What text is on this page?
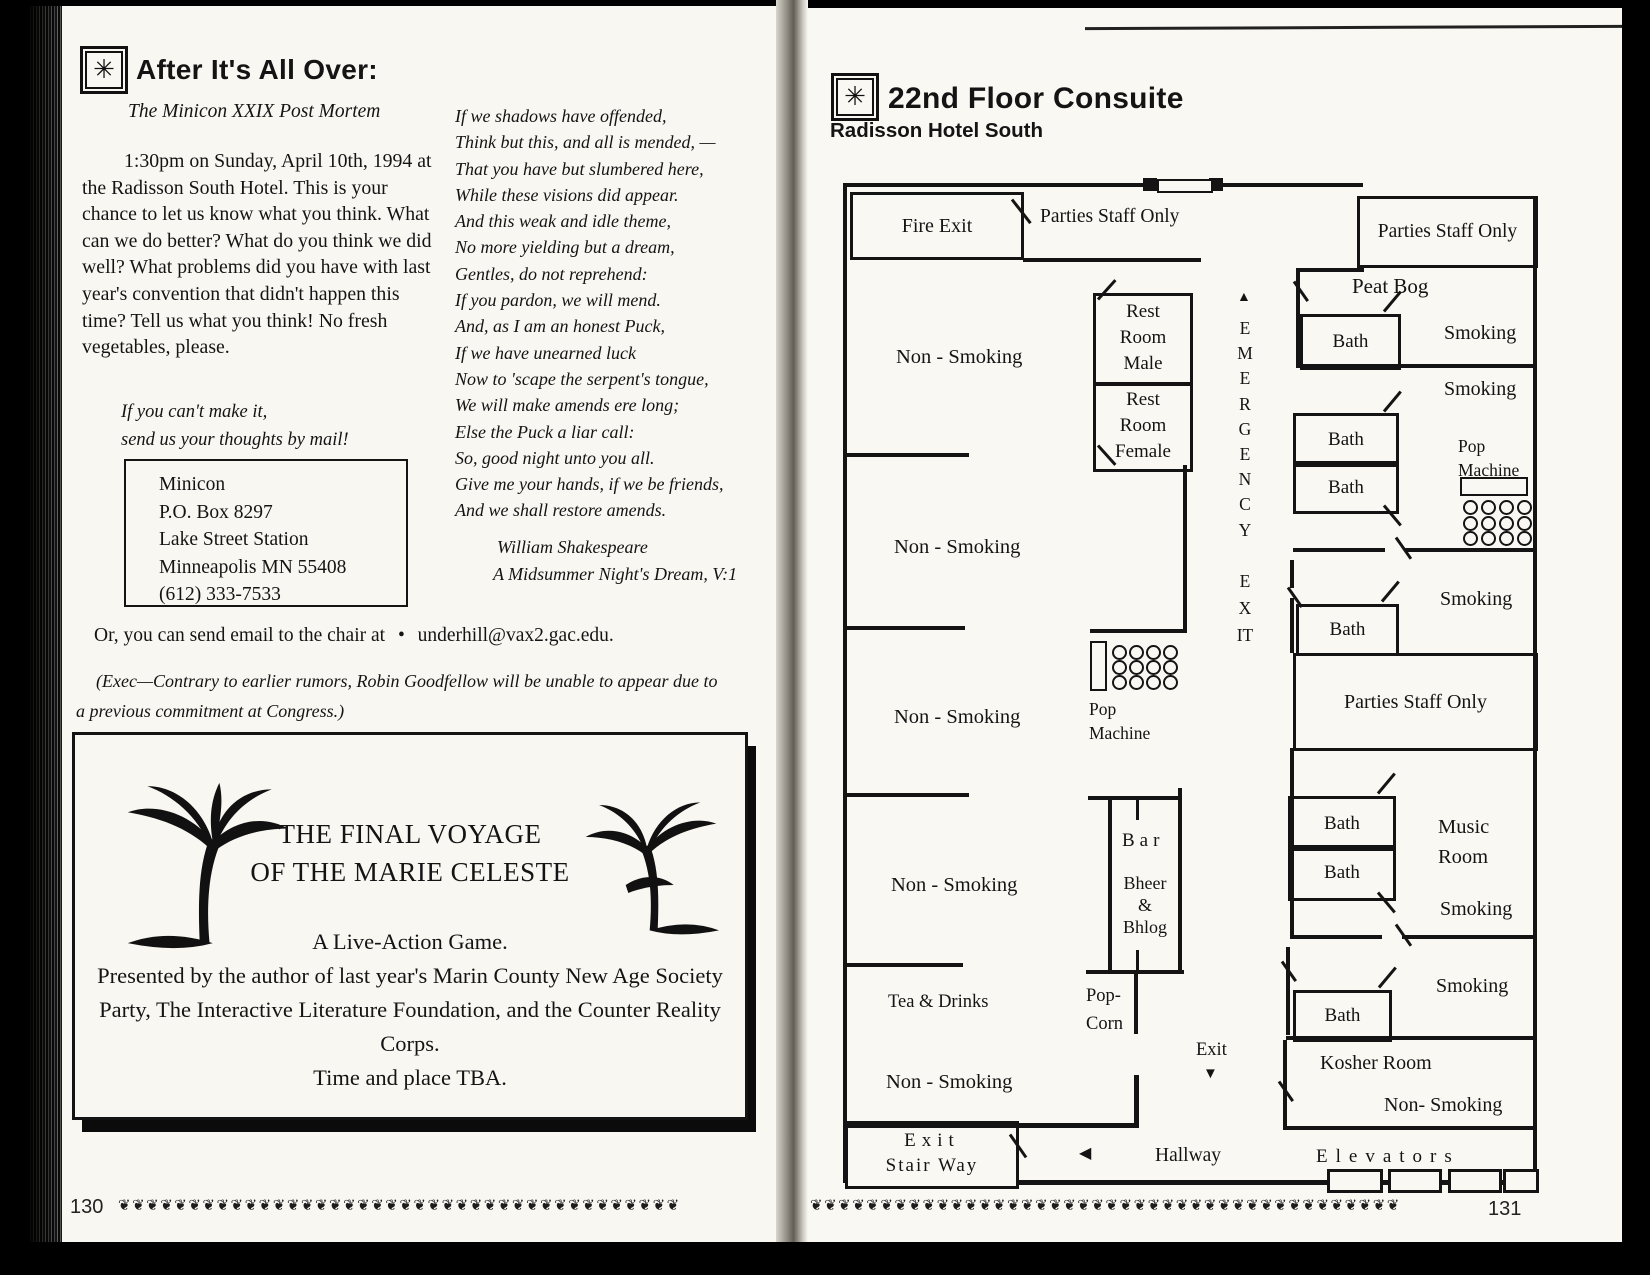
✳ After It's All Over:
The Minicon XXIX Post Mortem
1:30pm on Sunday, April 10th, 1994 at the Radisson South Hotel. This is your chance to let us know what you think. What can we do better? What do you think we did well? What problems did you have with last year's convention that didn't happen this time? Tell us what you think! No fresh vegetables, please.
If you can't make it,
send us your thoughts by mail!
Minicon
P.O. Box 8297
Lake Street Station
Minneapolis MN 55408
(612) 333-7533
If we shadows have offended,
Think but this, and all is mended, —
That you have but slumbered here,
While these visions did appear.
And this weak and idle theme,
No more yielding but a dream,
Gentles, do not reprehend:
If you pardon, we will mend.
And, as I am an honest Puck,
If we have unearned luck
Now to 'scape the serpent's tongue,
We will make amends ere long;
Else the Puck a liar call:
So, good night unto you all.
Give me your hands, if we be friends,
And we shall restore amends.
William Shakespeare
A Midsummer Night's Dream, V:1
Or, you can send email to the chair at • underhill@vax2.gac.edu.
(Exec—Contrary to earlier rumors, Robin Goodfellow will be unable to appear due to a previous commitment at Congress.)
THE FINAL VOYAGE
OF THE MARIE CELESTE
A Live-Action Game.
Presented by the author of last year's Marin County New Age Society Party, The Interactive Literature Foundation, and the Counter Reality Corps.
Time and place TBA.
130 ❦❦❦❦❦❦❦❦❦❦❦❦❦❦❦❦❦❦❦❦❦❦❦❦❦❦❦❦❦❦❦❦❦❦❦❦❦❦❦❦
✳ 22nd Floor Consuite
Radisson Hotel South
Fire Exit	Parties Staff Only
Parties Staff Only
Rest
Room
Male
Rest
Room
Female
Non - Smoking
Non - Smoking
Non - Smoking
Non - Smoking
Tea & Drinks
Non - Smoking
Pop
Machine
▲
EMERGENCY
EXIT
Peat Bog
Bath	Smoking
Smoking
Bath
Bath
Pop
Machine
Smoking
Bath
Parties Staff Only
Bath
Bath
Music
Room
Smoking
Smoking
Bath
Kosher Room
Non- Smoking
Elevators
Bar
Bheer
&
Bhlog
Pop-
Corn
Exit
▼
◀	Hallway
Exit
Stair Way
❦❦❦❦❦❦❦❦❦❦❦❦❦❦❦❦❦❦❦❦❦❦❦❦❦❦❦❦❦❦❦❦❦❦❦❦❦❦❦❦❦❦	131
